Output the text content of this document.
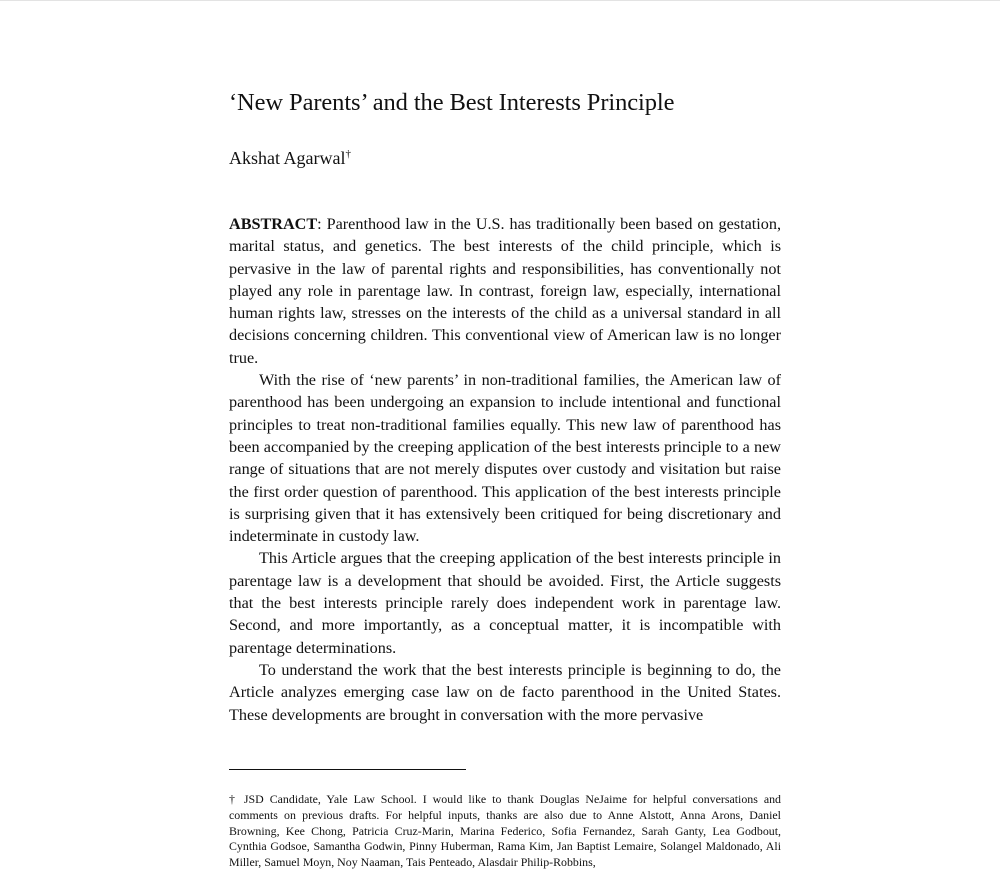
‘New Parents’ and the Best Interests Principle
Akshat Agarwal†

ABSTRACT: Parenthood law in the U.S. has traditionally been based on gestation, marital status, and genetics. The best interests of the child principle, which is pervasive in the law of parental rights and responsibilities, has conventionally not played any role in parentage law. In contrast, foreign law, especially, international human rights law, stresses on the interests of the child as a universal standard in all decisions concerning children. This conventional view of American law is no longer true.

With the rise of ‘new parents’ in non-traditional families, the American law of parenthood has been undergoing an expansion to include intentional and functional principles to treat non-traditional families equally. This new law of parenthood has been accompanied by the creeping application of the best interests principle to a new range of situations that are not merely disputes over custody and visitation but raise the first order question of parenthood. This application of the best interests principle is surprising given that it has extensively been critiqued for being discretionary and indeterminate in custody law.

This Article argues that the creeping application of the best interests principle in parentage law is a development that should be avoided. First, the Article suggests that the best interests principle rarely does independent work in parentage law. Second, and more importantly, as a conceptual matter, it is incompatible with parentage determinations.

To understand the work that the best interests principle is beginning to do, the Article analyzes emerging case law on de facto parenthood in the United States. These developments are brought in conversation with the more pervasive

† JSD Candidate, Yale Law School. I would like to thank Douglas NeJaime for helpful conversations and comments on previous drafts. For helpful inputs, thanks are also due to Anne Alstott, Anna Arons, Daniel Browning, Kee Chong, Patricia Cruz-Marin, Marina Federico, Sofia Fernandez, Sarah Ganty, Lea Godbout, Cynthia Godsoe, Samantha Godwin, Pinny Huberman, Rama Kim, Jan Baptist Lemaire, Solangel Maldonado, Ali Miller, Samuel Moyn, Noy Naaman, Tais Penteado, Alasdair Philip-Robbins,
